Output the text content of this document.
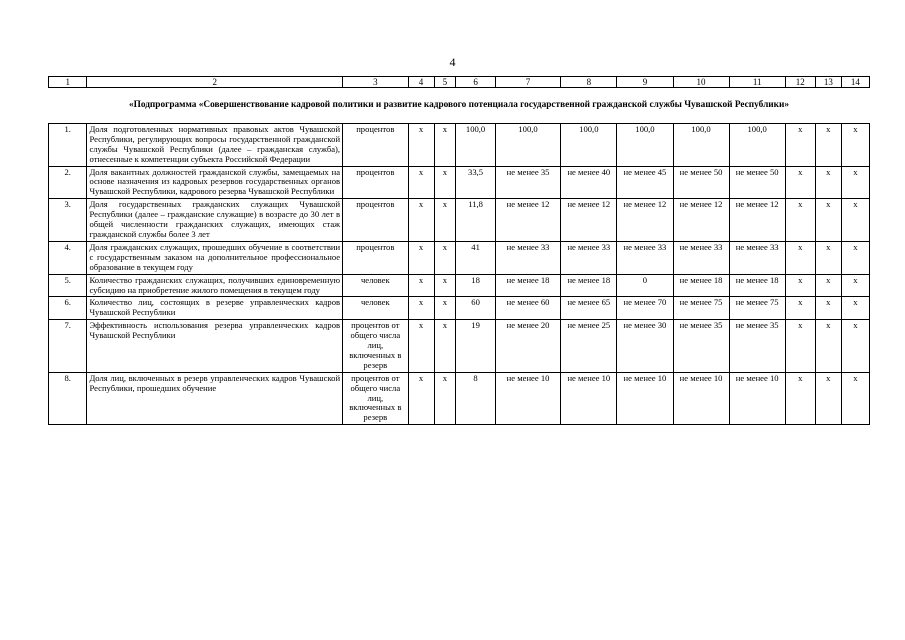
4
1	2	3	4	5	6	7	8	9	10	11	12	13	14

«Подпрограмма «Совершенствование кадровой политики и развитие кадрового потенциала государственной гражданской службы Чувашской Республики»													

1.	Доля подготовленных нормативных правовых актов Чувашской Республики, регулирующих вопросы государственной гражданской службы Чувашской Республики (далее – гражданская служба), отнесенные к компетенции субъекта Российской Федерации	процентов	x	x	100,0	100,0	100,0	100,0	100,0	100,0	x	x	x
2.	Доля вакантных должностей гражданской службы, замещаемых на основе назначения из кадровых резервов государственных органов Чувашской Республики, кадрового резерва Чувашской Республики	процентов	x	x	33,5	не менее 35	не менее 40	не менее 45	не менее 50	не менее 50	x	x	x
3.	Доля государственных гражданских служащих Чувашской Республики (далее – гражданские служащие) в возрасте до 30 лет в общей численности гражданских служащих, имеющих стаж гражданской службы более 3 лет	процентов	x	x	11,8	не менее 12	не менее 12	не менее 12	не менее 12	не менее 12	x	x	x
4.	Доля гражданских служащих, прошедших обучение в соответствии с государственным заказом на дополнительное профессиональное образование в текущем году	процентов	x	x	41	не менее 33	не менее 33	не менее 33	не менее 33	не менее 33	x	x	x
5.	Количество гражданских служащих, получивших единовременную субсидию на приобретение жилого помещения в текущем году	человек	x	x	18	не менее 18	не менее 18	0	не менее 18	не менее 18	x	x	x
6.	Количество лиц, состоящих в резерве управленческих кадров Чувашской Республики	человек	x	x	60	не менее 60	не менее 65	не менее 70	не менее 75	не менее 75	x	x	x
7.	Эффективность использования резерва управленческих кадров Чувашской Республики	процентов от общего числа лиц, включенных в резерв	x	x	19	не менее 20	не менее 25	не менее 30	не менее 35	не менее 35	x	x	x
8.	Доля лиц, включенных в резерв управленческих кадров Чувашской Республики, прошедших обучение	процентов от общего числа лиц, включенных в резерв	x	x	8	не менее 10	не менее 10	не менее 10	не менее 10	не менее 10	x	x	x
